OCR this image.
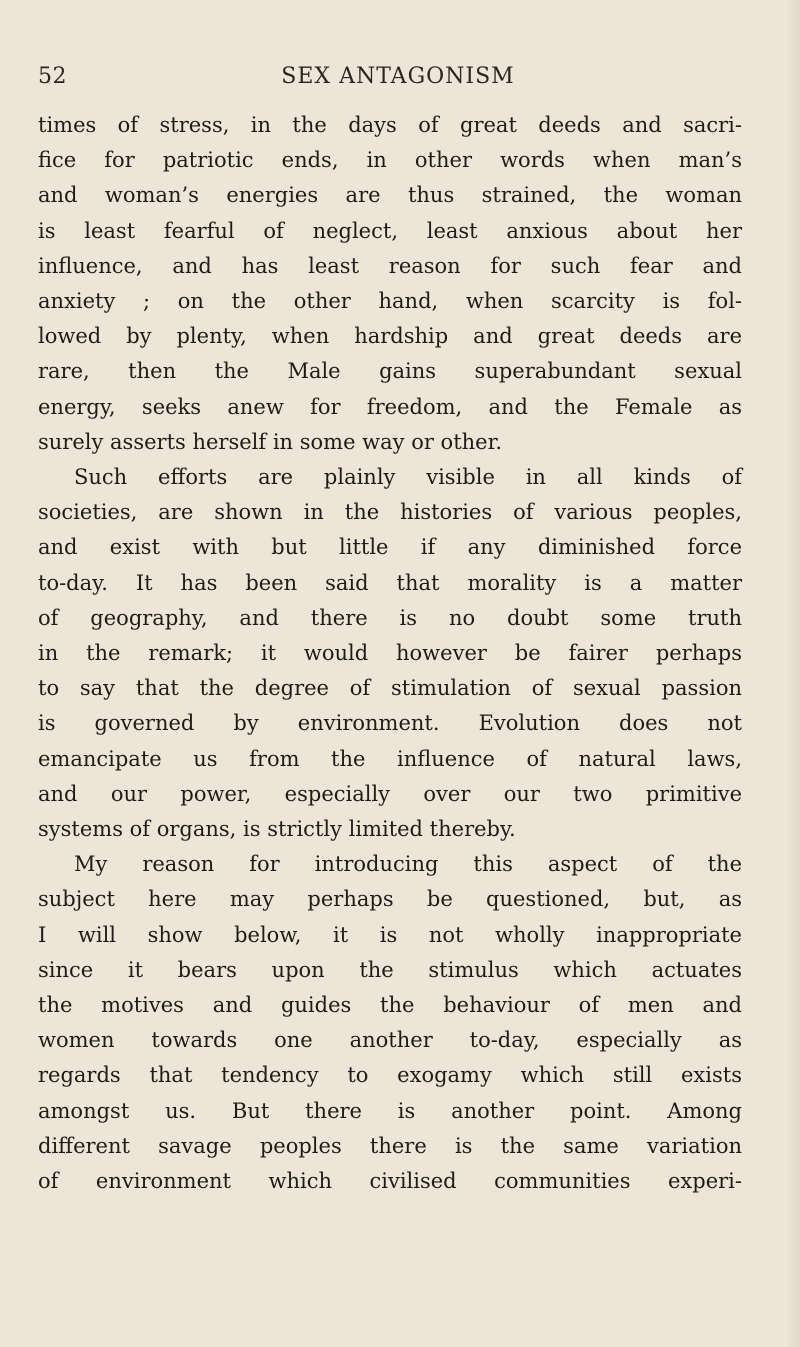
52	SEX ANTAGONISM
times of stress, in the days of great deeds and sacri-
fice for patriotic ends, in other words when man’s
and woman’s energies are thus strained, the woman
is least fearful of neglect, least anxious about her
influence, and has least reason for such fear and
anxiety ; on the other hand, when scarcity is fol-
lowed by plenty, when hardship and great deeds are
rare, then the Male gains superabundant sexual
energy, seeks anew for freedom, and the Female as
surely asserts herself in some way or other.
Such efforts are plainly visible in all kinds of
societies, are shown in the histories of various peoples,
and exist with but little if any diminished force
to-day. It has been said that morality is a matter
of geography, and there is no doubt some truth
in the remark; it would however be fairer perhaps
to say that the degree of stimulation of sexual passion
is governed by environment. Evolution does not
emancipate us from the influence of natural laws,
and our power, especially over our two primitive
systems of organs, is strictly limited thereby.
My reason for introducing this aspect of the
subject here may perhaps be questioned, but, as
I will show below, it is not wholly inappropriate
since it bears upon the stimulus which actuates
the motives and guides the behaviour of men and
women towards one another to-day, especially as
regards that tendency to exogamy which still exists
amongst us. But there is another point. Among
different savage peoples there is the same variation
of environment which civilised communities experi-
